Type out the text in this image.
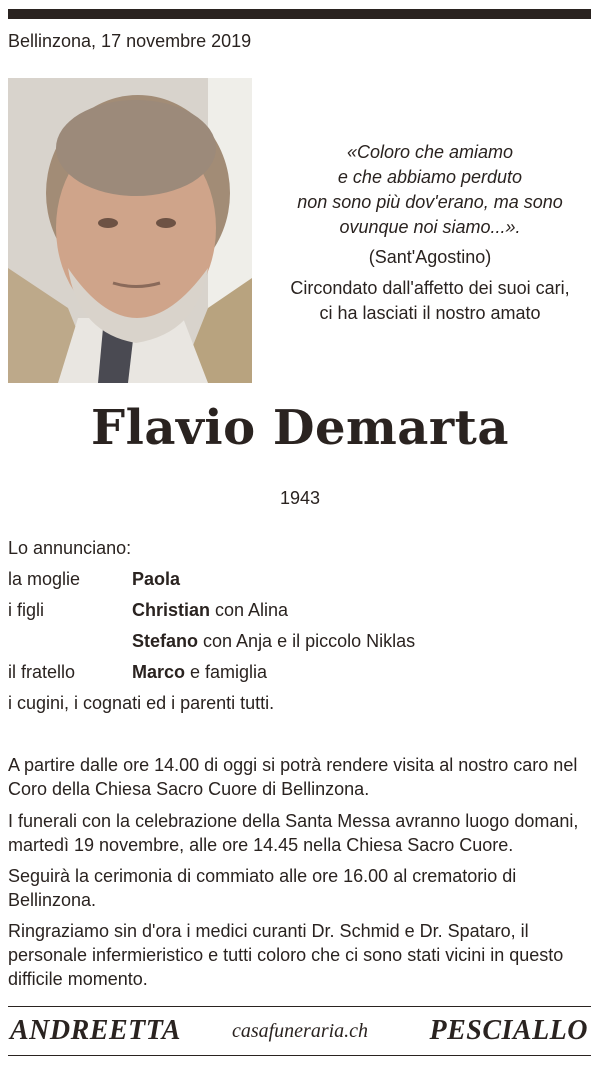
Bellinzona, 17 novembre 2019

«Coloro che amiamo
e che abbiamo perduto
non sono più dov'erano, ma sono
ovunque noi siamo...».

(Sant'Agostino)
Circondato dall'affetto dei suoi cari,
ci ha lasciati il nostro amato
Flavio Demarta
1943
Lo annunciano:
la moglie	Paola
i figli	Christian con Alina
Stefano con Anja e il piccolo Niklas
il fratello	Marco e famiglia
i cugini, i cognati ed i parenti tutti.

A partire dalle ore 14.00 di oggi si potrà rendere visita al nostro caro nel Coro della Chiesa Sacro Cuore di Bellinzona.

I funerali con la celebrazione della Santa Messa avranno luogo domani, martedì 19 novembre, alle ore 14.45 nella Chiesa Sacro Cuore.

Seguirà la cerimonia di commiato alle ore 16.00 al crematorio di Bellinzona.

Ringraziamo sin d'ora i medici curanti Dr. Schmid e Dr. Spataro, il personale infermieristico e tutti coloro che ci sono stati vicini in questo difficile momento.

ANDREETTA	casafuneraria.ch	PESCIALLO
